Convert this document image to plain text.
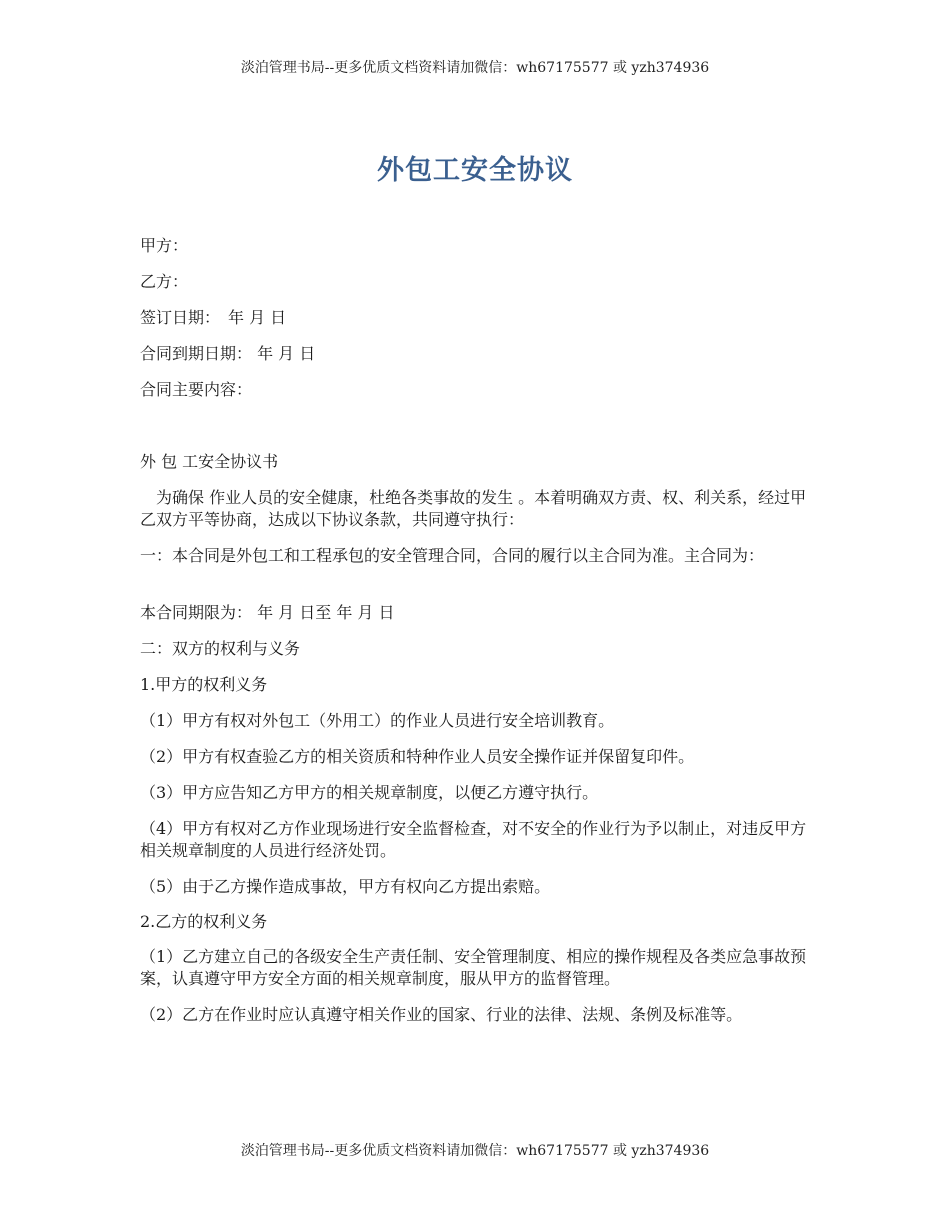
淡泊管理书局--更多优质文档资料请加微信：wh67175577 或 yzh374936
外包工安全协议

甲方：

乙方：

签订日期：　年 月 日

合同到期日期： 年 月 日

合同主要内容：

外 包 工安全协议书

　为确保 作业人员的安全健康，杜绝各类事故的发生 。本着明确双方责、权、利关系，经过甲乙双方平等协商，达成以下协议条款，共同遵守执行：

一：本合同是外包工和工程承包的安全管理合同，合同的履行以主合同为准。主合同为：

本合同期限为： 年 月 日至 年 月 日

二：双方的权利与义务

1.甲方的权利义务

（1）甲方有权对外包工（外用工）的作业人员进行安全培训教育。

（2）甲方有权查验乙方的相关资质和特种作业人员安全操作证并保留复印件。

（3）甲方应告知乙方甲方的相关规章制度，以便乙方遵守执行。

（4）甲方有权对乙方作业现场进行安全监督检查，对不安全的作业行为予以制止，对违反甲方相关规章制度的人员进行经济处罚。

（5）由于乙方操作造成事故，甲方有权向乙方提出索赔。

2.乙方的权利义务

（1）乙方建立自己的各级安全生产责任制、安全管理制度、相应的操作规程及各类应急事故预案，认真遵守甲方安全方面的相关规章制度，服从甲方的监督管理。

（2）乙方在作业时应认真遵守相关作业的国家、行业的法律、法规、条例及标准等。

淡泊管理书局--更多优质文档资料请加微信：wh67175577 或 yzh374936
